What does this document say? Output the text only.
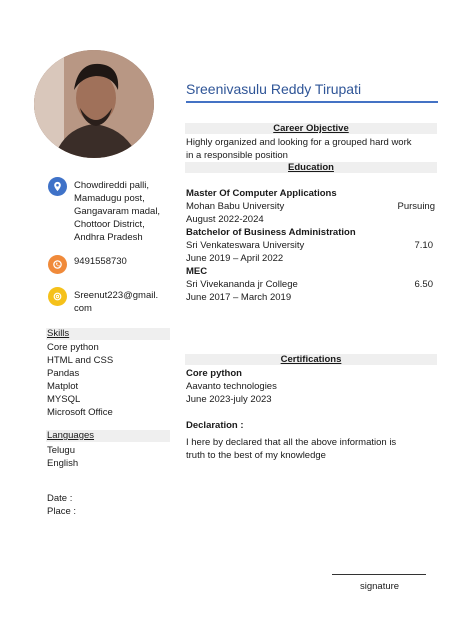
Sreenivasulu Reddy Tirupati
Chowdireddi palli,
Mamadugu post,
Gangavaram madal,
Chottoor District,
Andhra Pradesh
9491558730
Sreenut223@gmail.
com
Skills
Core python
HTML and CSS
Pandas
Matplot
MYSQL
Microsoft Office
Languages
Telugu
English
Date :
Place :
Career Objective
Highly organized and looking for a grouped hard work
in a responsible position
Education
Master Of Computer Applications
Mohan Babu University	Pursuing
August 2022-2024
Batchelor of Business Administration
Sri Venkateswara University	7.10
June 2019 – April 2022
MEC
Sri Vivekananda jr College	6.50
June 2017 – March 2019
Certifications
Core python
Aavanto technologies
June 2023-july 2023
Declaration :
I here by declared that all the above information is
truth to the best of my knowledge
signature
